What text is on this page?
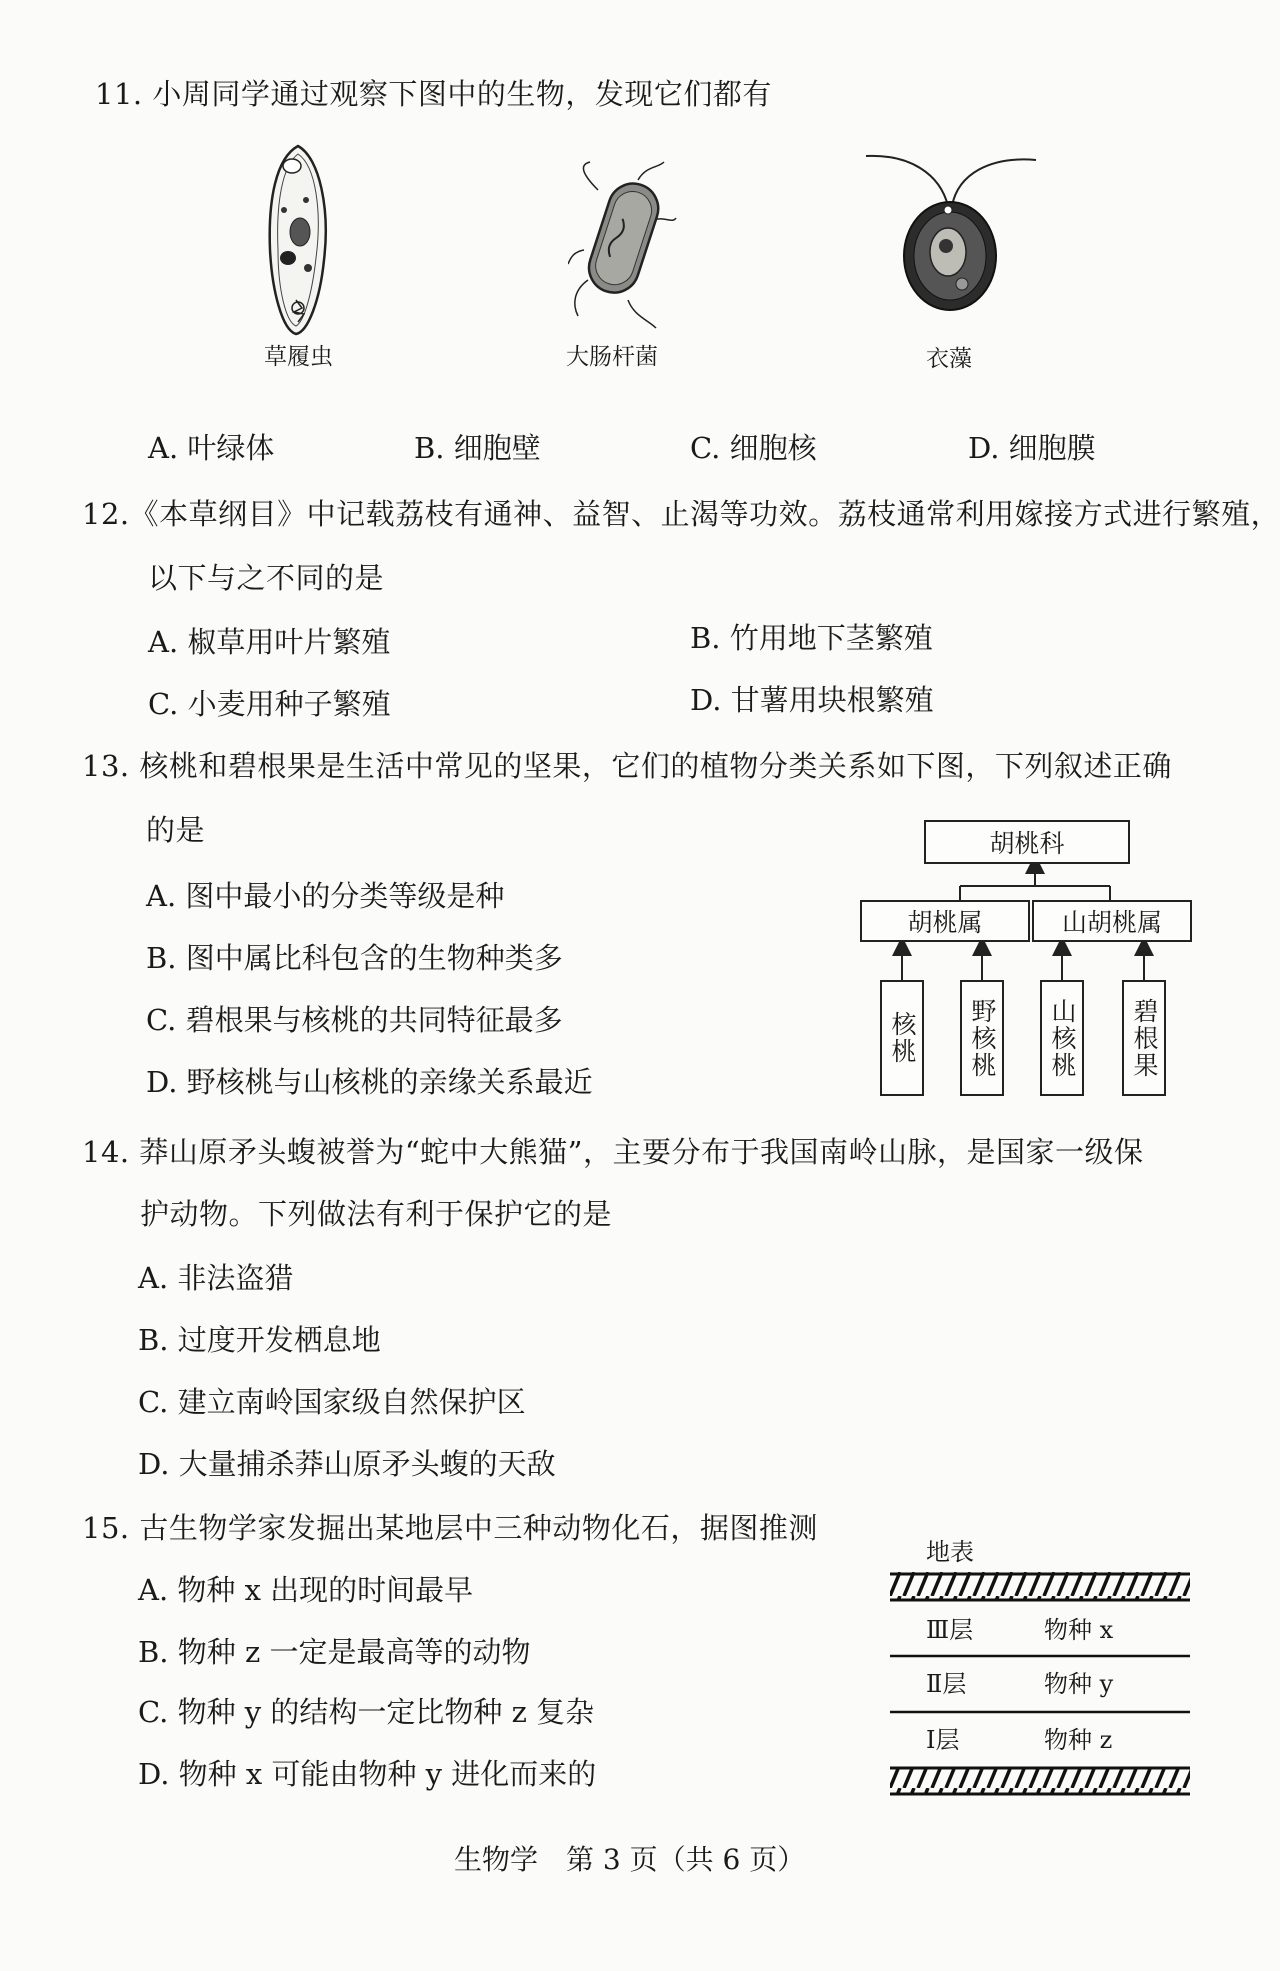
11. 小周同学通过观察下图中的生物，发现它们都有
草履虫	大肠杆菌	衣藻
A. 叶绿体	B. 细胞壁	C. 细胞核	D. 细胞膜
12.《本草纲目》中记载荔枝有通神、益智、止渴等功效。荔枝通常利用嫁接方式进行繁殖，
以下与之不同的是
A. 椒草用叶片繁殖	B. 竹用地下茎繁殖
C. 小麦用种子繁殖	D. 甘薯用块根繁殖
13. 核桃和碧根果是生活中常见的坚果，它们的植物分类关系如下图，下列叙述正确
的是
A. 图中最小的分类等级是种
B. 图中属比科包含的生物种类多
C. 碧根果与核桃的共同特征最多
D. 野核桃与山核桃的亲缘关系最近
胡桃科
胡桃属	山胡桃属
核桃	野核桃	山核桃	碧根果
14. 莽山原矛头蝮被誉为“蛇中大熊猫”，主要分布于我国南岭山脉，是国家一级保
护动物。下列做法有利于保护它的是
A. 非法盗猎
B. 过度开发栖息地
C. 建立南岭国家级自然保护区
D. 大量捕杀莽山原矛头蝮的天敌
15. 古生物学家发掘出某地层中三种动物化石，据图推测
A. 物种 x 出现的时间最早
B. 物种 z 一定是最高等的动物
C. 物种 y 的结构一定比物种 z 复杂
D. 物种 x 可能由物种 y 进化而来的
地表
Ⅲ层	物种 x
Ⅱ层	物种 y
Ⅰ层	物种 z
生物学　第 3 页（共 6 页）
